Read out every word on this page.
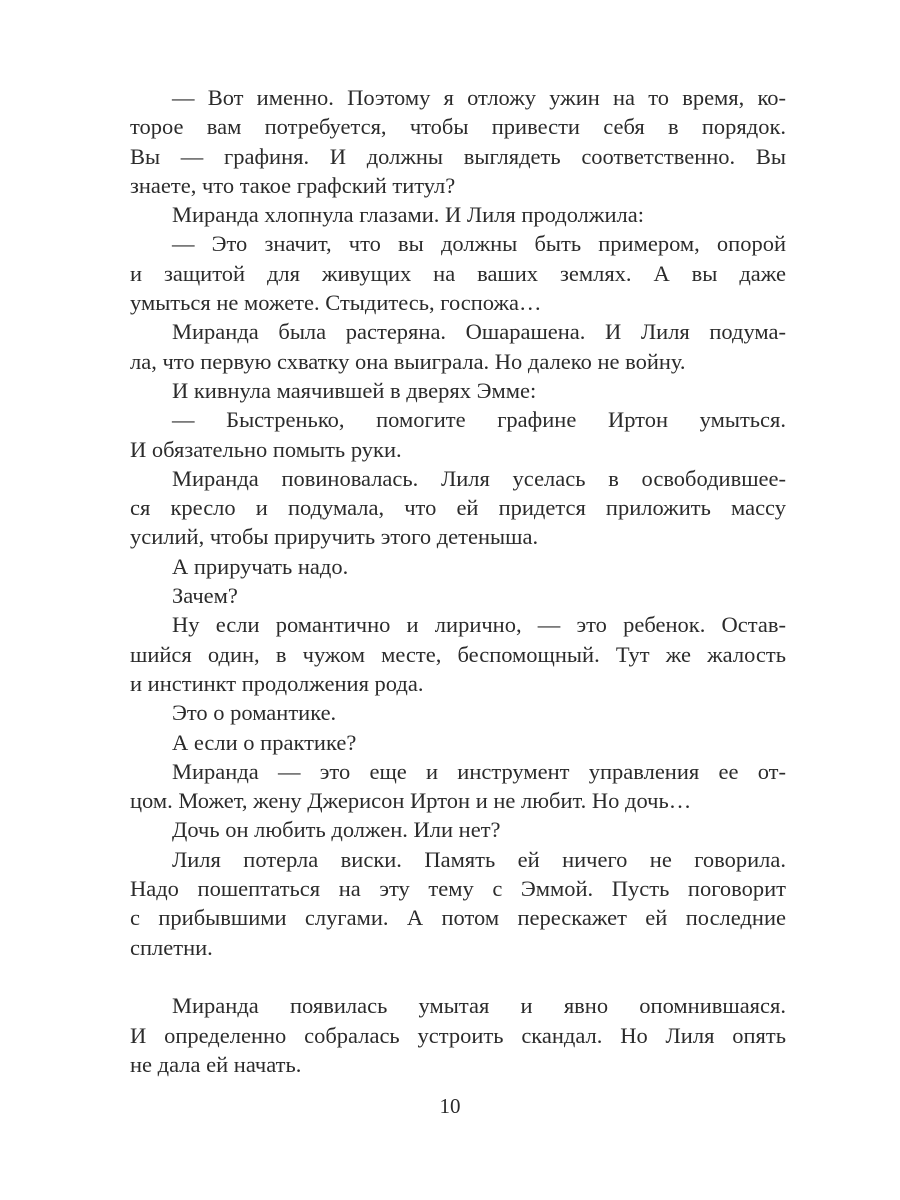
— Вот именно. Поэтому я отложу ужин на то время, ко-
торое вам потребуется, чтобы привести себя в порядок.
Вы — графиня. И должны выглядеть соответственно. Вы
знаете, что такое графский титул?
Миранда хлопнула глазами. И Лиля продолжила:
— Это значит, что вы должны быть примером, опорой
и защитой для живущих на ваших землях. А вы даже
умыться не можете. Стыдитесь, госпожа…
Миранда была растеряна. Ошарашена. И Лиля подума-
ла, что первую схватку она выиграла. Но далеко не войну.
И кивнула маячившей в дверях Эмме:
— Быстренько, помогите графине Иртон умыться.
И обязательно помыть руки.
Миранда повиновалась. Лиля уселась в освободившее-
ся кресло и подумала, что ей придется приложить массу
усилий, чтобы приручить этого детеныша.
А приручать надо.
Зачем?
Ну если романтично и лирично, — это ребенок. Остав-
шийся один, в чужом месте, беспомощный. Тут же жалость
и инстинкт продолжения рода.
Это о романтике.
А если о практике?
Миранда — это еще и инструмент управления ее от-
цом. Может, жену Джерисон Иртон и не любит. Но дочь…
Дочь он любить должен. Или нет?
Лиля потерла виски. Память ей ничего не говорила.
Надо пошептаться на эту тему с Эммой. Пусть поговорит
с прибывшими слугами. А потом перескажет ей последние
сплетни.
Миранда появилась умытая и явно опомнившаяся.
И определенно собралась устроить скандал. Но Лиля опять
не дала ей начать.
10
